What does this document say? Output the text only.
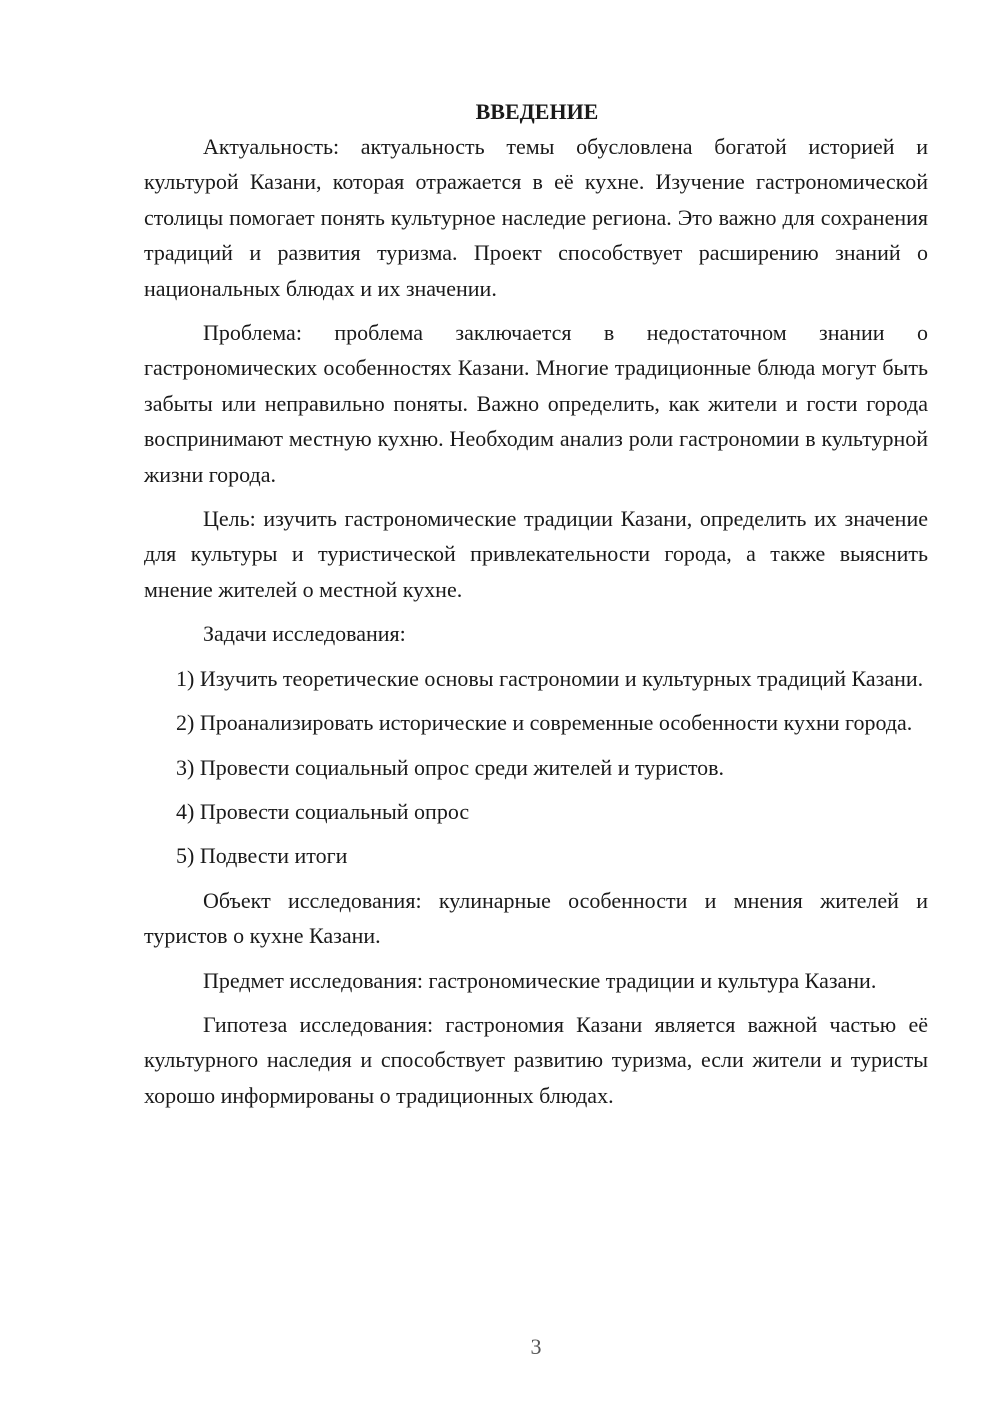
ВВЕДЕНИЕ

Актуальность: актуальность темы обусловлена богатой историей и культурой Казани, которая отражается в её кухне. Изучение гастрономической столицы помогает понять культурное наследие региона. Это важно для сохранения традиций и развития туризма. Проект способствует расширению знаний о национальных блюдах и их значении.

Проблема: проблема заключается в недостаточном знании о гастрономических особенностях Казани. Многие традиционные блюда могут быть забыты или неправильно поняты. Важно определить, как жители и гости города воспринимают местную кухню. Необходим анализ роли гастрономии в культурной жизни города.

Цель: изучить гастрономические традиции Казани, определить их значение для культуры и туристической привлекательности города, а также выяснить мнение жителей о местной кухне.

Задачи исследования:

1) Изучить теоретические основы гастрономии и культурных традиций Казани.

2) Проанализировать исторические и современные особенности кухни города.

3) Провести социальный опрос среди жителей и туристов.

4) Провести социальный опрос

5) Подвести итоги

Объект исследования: кулинарные особенности и мнения жителей и туристов о кухне Казани.

Предмет исследования: гастрономические традиции и культура Казани.

Гипотеза исследования: гастрономия Казани является важной частью её культурного наследия и способствует развитию туризма, если жители и туристы хорошо информированы о традиционных блюдах.

3
